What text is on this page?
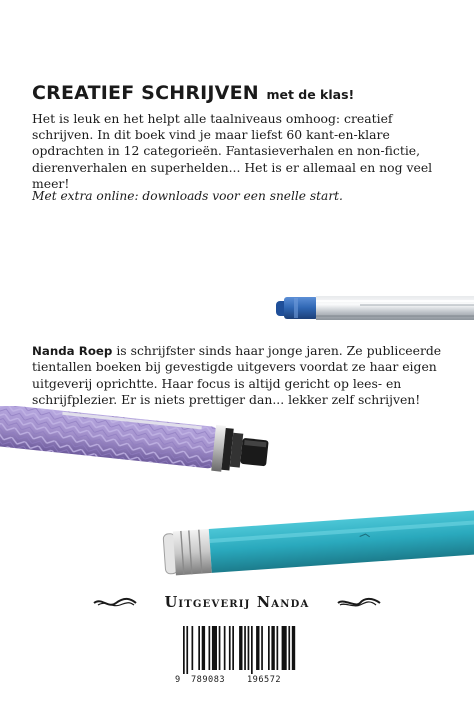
CREATIEF SCHRIJVEN met de klas!

Het is leuk en het helpt alle taalniveaus omhoog: creatief schrijven. In dit boek vind je maar liefst 60 kant-en-klare opdrachten in 12 categorieën. Fantasieverhalen en non-fictie, dierenverhalen en superhelden... Het is er allemaal en nog veel meer!

Met extra online: downloads voor een snelle start.

Nanda Roep is schrijfster sinds haar jonge jaren. Ze publiceerde tientallen boeken bij gevestigde uitgevers voordat ze haar eigen uitgeverij oprichtte. Haar focus is altijd gericht op lees- en schrijfplezier. Er is niets prettiger dan... lekker zelf schrijven!

Uitgeverij Nanda
9 789083	196572
